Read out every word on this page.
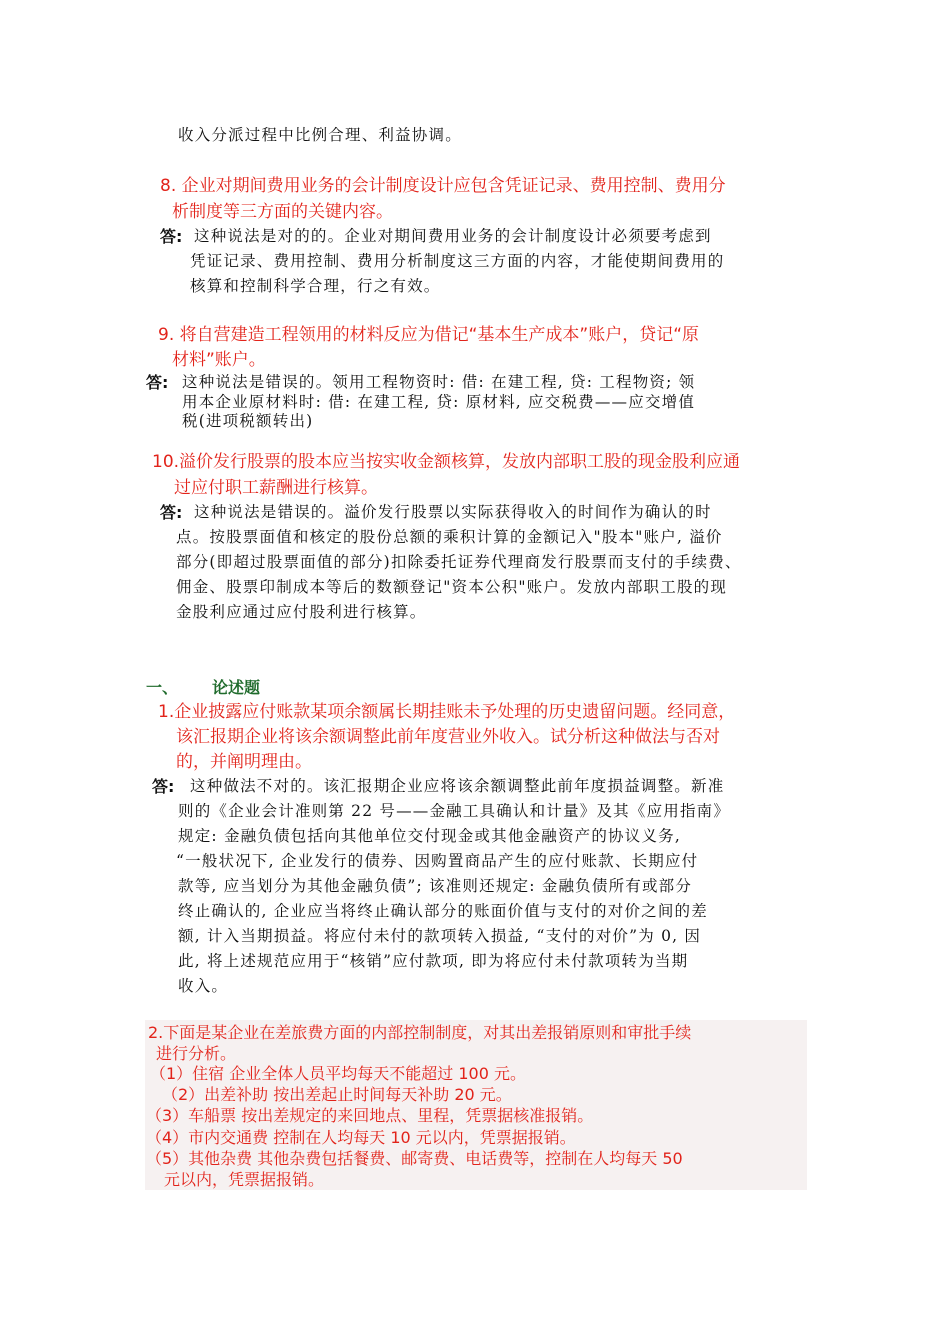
收入分派过程中比例合理、利益协调。
8. 企业对期间费用业务的会计制度设计应包含凭证记录、费用控制、费用分
析制度等三方面的关键内容。
答: 这种说法是对的的。企业对期间费用业务的会计制度设计必须要考虑到
凭证记录、费用控制、费用分析制度这三方面的内容，才能使期间费用的
核算和控制科学合理，行之有效。
9. 将自营建造工程领用的材料反应为借记“基本生产成本”账户，贷记“原
材料”账户。
答: 这种说法是错误的。领用工程物资时: 借: 在建工程, 贷: 工程物资; 领
用本企业原材料时: 借: 在建工程, 贷: 原材料, 应交税费——应交增值
税(进项税额转出)
10.溢价发行股票的股本应当按实收金额核算，发放内部职工股的现金股利应通
过应付职工薪酬进行核算。
答: 这种说法是错误的。溢价发行股票以实际获得收入的时间作为确认的时
点。按股票面值和核定的股份总额的乘积计算的金额记入"股本"账户, 溢价
部分(即超过股票面值的部分)扣除委托证券代理商发行股票而支付的手续费、
佣金、股票印制成本等后的数额登记"资本公积"账户。发放内部职工股的现
金股利应通过应付股利进行核算。
一、 论述题
1.企业披露应付账款某项余额属长期挂账未予处理的历史遗留问题。经同意，
该汇报期企业将该余额调整此前年度营业外收入。试分析这种做法与否对
的，并阐明理由。
答: 这种做法不对的。该汇报期企业应将该余额调整此前年度损益调整。新准
则的《企业会计准则第 22 号——金融工具确认和计量》及其《应用指南》
规定: 金融负债包括向其他单位交付现金或其他金融资产的协议义务,
“一般状况下, 企业发行的债券、因购置商品产生的应付账款、长期应付
款等, 应当划分为其他金融负债”; 该准则还规定: 金融负债所有或部分
终止确认的, 企业应当将终止确认部分的账面价值与支付的对价之间的差
额, 计入当期损益。将应付未付的款项转入损益, “支付的对价”为 0, 因
此, 将上述规范应用于“核销”应付款项, 即为将应付未付款项转为当期
收入。
2.下面是某企业在差旅费方面的内部控制制度，对其出差报销原则和审批手续
进行分析。
（1）住宿 企业全体人员平均每天不能超过 100 元。
（2）出差补助 按出差起止时间每天补助 20 元。
（3）车船票 按出差规定的来回地点、里程，凭票据核准报销。
（4）市内交通费 控制在人均每天 10 元以内，凭票据报销。
（5）其他杂费 其他杂费包括餐费、邮寄费、电话费等，控制在人均每天 50
元以内，凭票据报销。
